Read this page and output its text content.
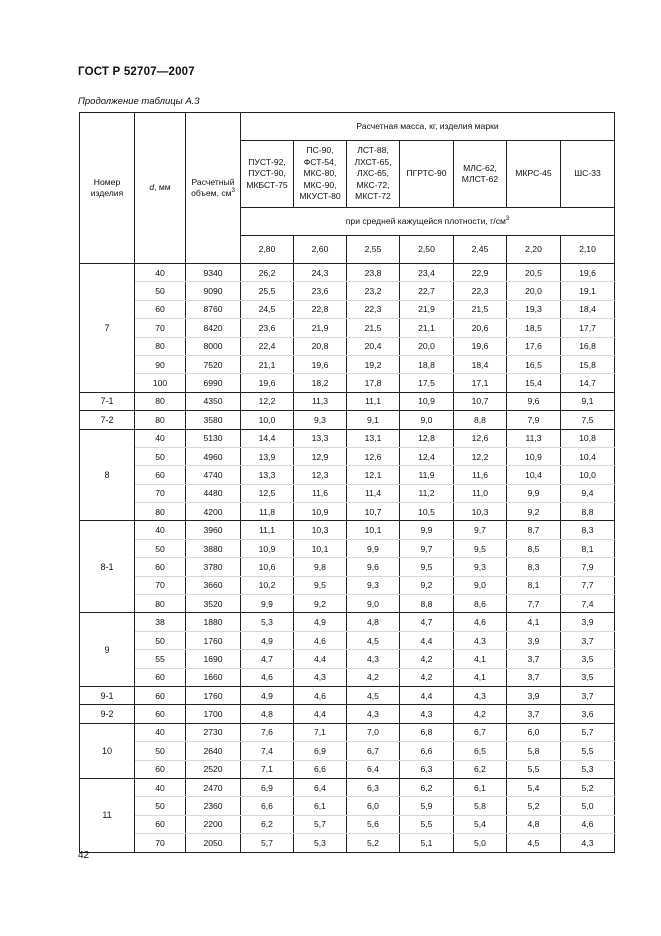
ГОСТ Р 52707—2007
Продолжение таблицы А.3
Номер изделия	d, мм	Расчетный объем, $см^3$	Расчетная масса, кг, изделия марки						
			ПУСТ-92, ПУСТ-90, МКБСТ-75	ПС-90, ФСТ-54, МКС-80, МКС-90, МКУСТ-80	ЛСТ-88, ЛХСТ-65, ЛХС-65, МКС-72, МКСТ-72	ПГРТС-90	МЛС-62, МЛСТ-62	МКРС-45	ШС-33
			при средней кажущейся плотности, $г/см^3$
			2,80	2,60	2,55	2,50	2,45	2,20	2,10
7	40	9340	26,2	24,3	23,8	23,4	22,9	20,5	19,6
	50	9090	25,5	23,6	23,2	22,7	22,3	20,0	19,1
	60	8760	24,5	22,8	22,3	21,9	21,5	19,3	18,4
	70	8420	23,6	21,9	21,5	21,1	20,6	18,5	17,7
	80	8000	22,4	20,8	20,4	20,0	19,6	17,6	16,8
	90	7520	21,1	19,6	19,2	18,8	18,4	16,5	15,8
	100	6990	19,6	18,2	17,8	17,5	17,1	15,4	14,7
7-1	80	4350	12,2	11,3	11,1	10,9	10,7	9,6	9,1
7-2	80	3580	10,0	9,3	9,1	9,0	8,8	7,9	7,5
8	40	5130	14,4	13,3	13,1	12,8	12,6	11,3	10,8
	50	4960	13,9	12,9	12,6	12,4	12,2	10,9	10,4
	60	4740	13,3	12,3	12,1	11,9	11,6	10,4	10,0
	70	4480	12,5	11,6	11,4	11,2	11,0	9,9	9,4
	80	4200	11,8	10,9	10,7	10,5	10,3	9,2	8,8
8-1	40	3960	11,1	10,3	10,1	9,9	9,7	8,7	8,3
	50	3880	10,9	10,1	9,9	9,7	9,5	8,5	8,1
	60	3780	10,6	9,8	9,6	9,5	9,3	8,3	7,9
	70	3660	10,2	9,5	9,3	9,2	9,0	8,1	7,7
	80	3520	9,9	9,2	9,0	8,8	8,6	7,7	7,4
9	38	1880	5,3	4,9	4,8	4,7	4,6	4,1	3,9
	50	1760	4,9	4,6	4,5	4,4	4,3	3,9	3,7
	55	1690	4,7	4,4	4,3	4,2	4,1	3,7	3,5
	60	1660	4,6	4,3	4,2	4,2	4,1	3,7	3,5
9-1	60	1760	4,9	4,6	4,5	4,4	4,3	3,9	3,7
9-2	60	1700	4,8	4,4	4,3	4,3	4,2	3,7	3,6
10	40	2730	7,6	7,1	7,0	6,8	6,7	6,0	5,7
	50	2640	7,4	6,9	6,7	6,6	6,5	5,8	5,5
	60	2520	7,1	6,6	6,4	6,3	6,2	5,5	5,3
11	40	2470	6,9	6,4	6,3	6,2	6,1	5,4	5,2
	50	2360	6,6	6,1	6,0	5,9	5,8	5,2	5,0
	60	2200	6,2	5,7	5,6	5,5	5,4	4,8	4,6
	70	2050	5,7	5,3	5,2	5,1	5,0	4,5	4,3
42
